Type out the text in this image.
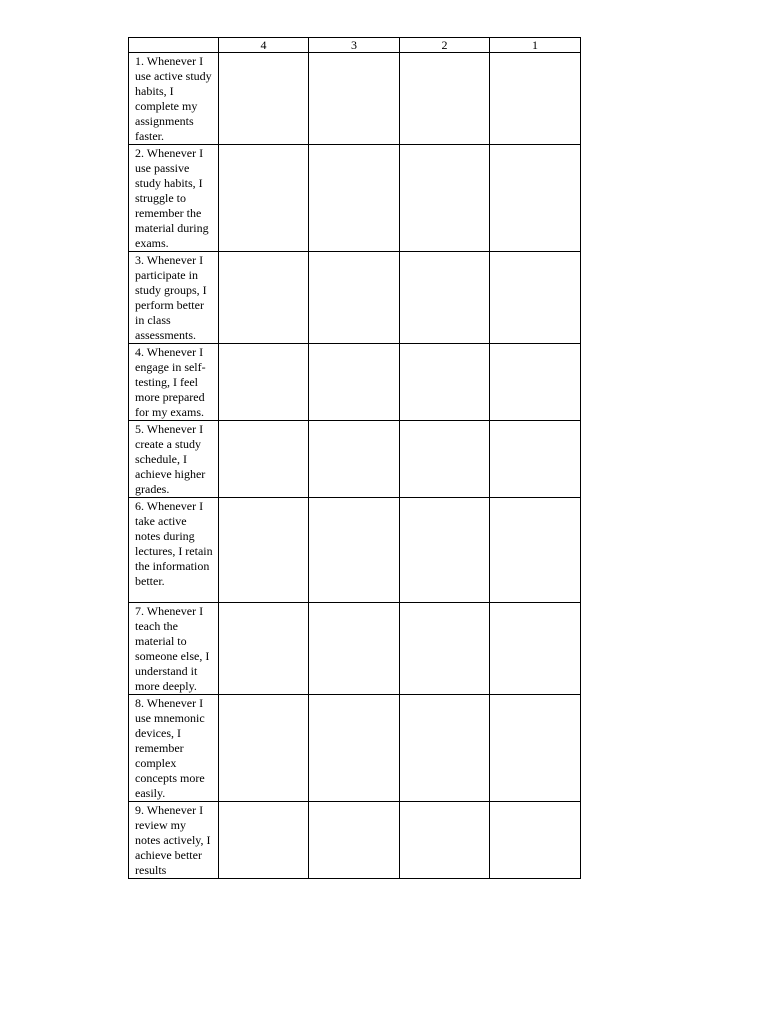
	4	3	2	1
1. Whenever I use active study habits, I complete my assignments faster.				
2. Whenever I use passive study habits, I struggle to remember the material during exams.				
3. Whenever I participate in study groups, I perform better in class assessments.				
4. Whenever I engage in self-testing, I feel more prepared for my exams.				
5. Whenever I create a study schedule, I achieve higher grades.				
6. Whenever I take active notes during lectures, I retain the information better.				
7. Whenever I teach the material to someone else, I understand it more deeply.				
8. Whenever I use mnemonic devices, I remember complex concepts more easily.				
9. Whenever I review my notes actively, I achieve better results				
